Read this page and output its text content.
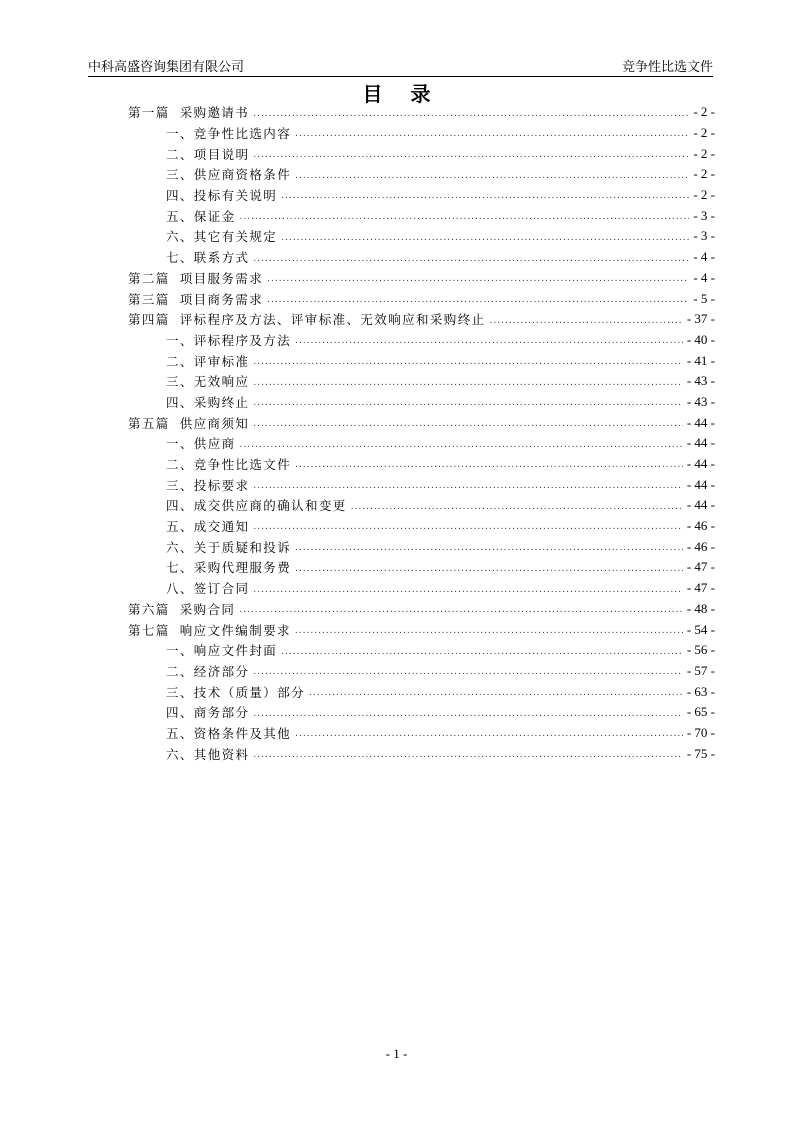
中科高盛咨询集团有限公司	竞争性比选文件
目录
第一篇 采购邀请书 .....	- 2 -
一、竞争性比选内容 .....	- 2 -
二、项目说明 .....	- 2 -
三、供应商资格条件 .....	- 2 -
四、投标有关说明 .....	- 2 -
五、保证金 .....	- 3 -
六、其它有关规定 .....	- 3 -
七、联系方式 .....	- 4 -
第二篇 项目服务需求 .....	- 4 -
第三篇 项目商务需求 .....	- 5 -
第四篇 评标程序及方法、评审标准、无效响应和采购终止 .....	- 37 -
一、评标程序及方法 .....	- 40 -
二、评审标准 .....	- 41 -
三、无效响应 .....	- 43 -
四、采购终止 .....	- 43 -
第五篇 供应商须知 .....	- 44 -
一、供应商 .....	- 44 -
二、竞争性比选文件 .....	- 44 -
三、投标要求 .....	- 44 -
四、成交供应商的确认和变更 .....	- 44 -
五、成交通知 .....	- 46 -
六、关于质疑和投诉 .....	- 46 -
七、采购代理服务费 .....	- 47 -
八、签订合同 .....	- 47 -
第六篇 采购合同 .....	- 48 -
第七篇 响应文件编制要求 .....	- 54 -
一、响应文件封面 .....	- 56 -
二、经济部分 .....	- 57 -
三、技术（质量）部分 .....	- 63 -
四、商务部分 .....	- 65 -
五、资格条件及其他 .....	- 70 -
六、其他资料 .....	- 75 -
- 1 -
